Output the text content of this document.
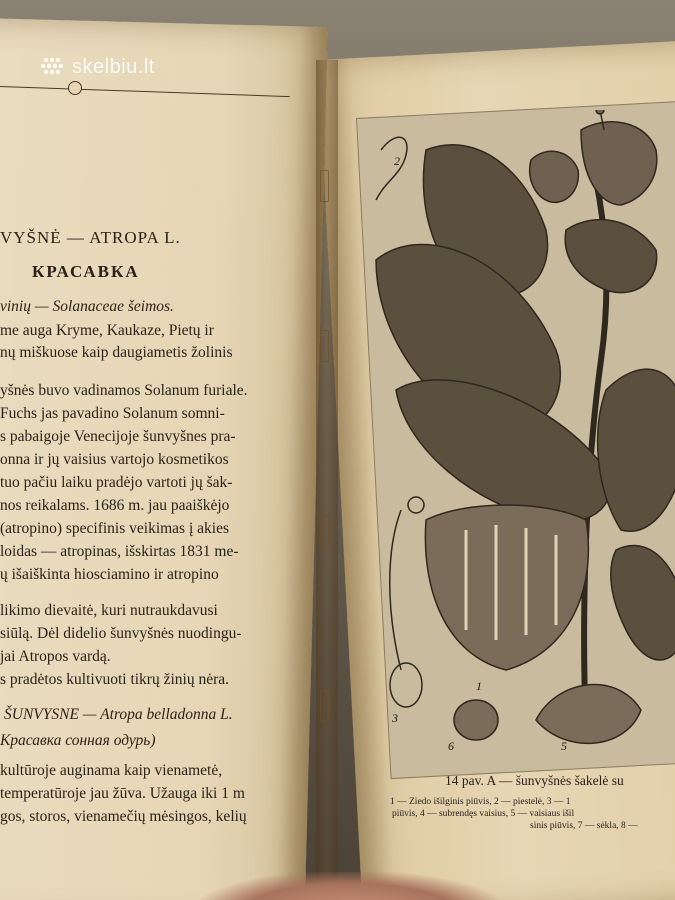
skelbiu.lt
VYŠNĖ — ATROPA L.
КРАСАВКА
vinių — Solanaceae šeimos.
me auga Kryme, Kaukaze, Pietų ir
nų miškuose kaip daugiametis žolinis
yšnės buvo vadinamos Solanum furiale.
Fuchs jas pavadino Solanum somni-
s pabaigoje Venecijoje šunvyšnes pra-
onna ir jų vaisius vartojo kosmetikos
tuo pačiu laiku pradėjo vartoti jų šak-
nos reikalams. 1686 m. jau paaiškėjo
(atropino) specifinis veikimas į akies
loidas — atropinas, išskirtas 1831 me-
ų išaiškinta hiosciamino ir atropino
likimo dievaitė, kuri nutraukdavusi
siūlą. Dėl didelio šunvyšnės nuodingu-
jai Atropos vardą.
s pradėtos kultivuoti tikrų žinių nėra.
ŠUNVYSNE — Atropa belladonna L.
Красавка сонная одурь)
kultūroje auginama kaip vienametė,
temperatūroje jau žūva. Užauga iki 1 m
gos, storos, vienamečių mėsingos, kelių
2
1
3
6	5
14 pav. A — šunvyšnės šakelė su
1 — Ziedo išilginis piūvis, 2 — piestelė, 3 — 1
piūvis, 4 — subrendęs vaisius, 5 — vaisiaus išil
sinis piūvis, 7 — sėkla, 8 —
